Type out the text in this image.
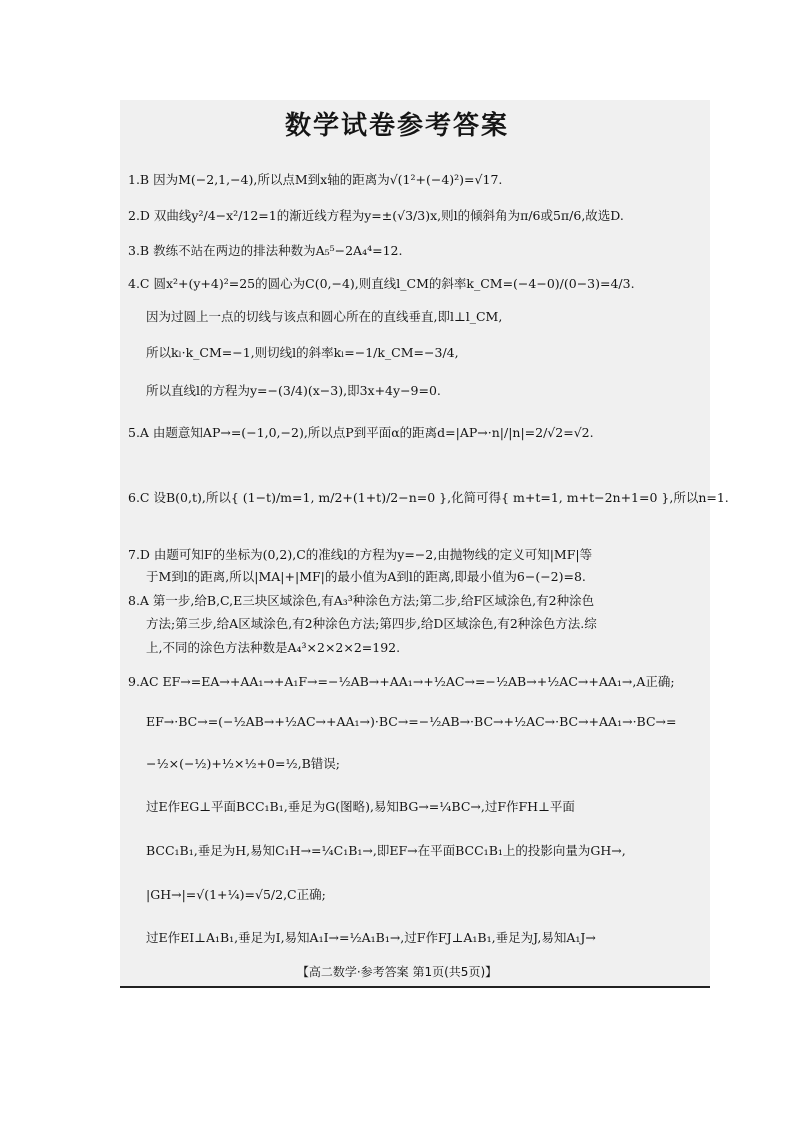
数学试卷参考答案
1.B 因为M(−2,1,−4),所以点M到x轴的距离为√(1²+(−4)²)=√17.
2.D 双曲线y²/4−x²/12=1的渐近线方程为y=±(√3/3)x,则l的倾斜角为π/6或5π/6,故选D.
3.B 教练不站在两边的排法种数为A₅⁵−2A₄⁴=12.
4.C 圆x²+(y+4)²=25的圆心为C(0,−4),则直线l_CM的斜率k_CM=(−4−0)/(0−3)=4/3.
因为过圆上一点的切线与该点和圆心所在的直线垂直,即l⊥l_CM,
所以kₗ·k_CM=−1,则切线l的斜率kₗ=−1/k_CM=−3/4,
所以直线l的方程为y=−(3/4)(x−3),即3x+4y−9=0.
5.A 由题意知AP→=(−1,0,−2),所以点P到平面α的距离d=|AP→·n|/|n|=2/√2=√2.
6.C 设B(0,t),所以{ (1−t)/m=1, m/2+(1+t)/2−n=0 },化简可得{ m+t=1, m+t−2n+1=0 },所以n=1.
7.D 由题可知F的坐标为(0,2),C的准线l的方程为y=−2,由抛物线的定义可知|MF|等
于M到l的距离,所以|MA|+|MF|的最小值为A到l的距离,即最小值为6−(−2)=8.
8.A 第一步,给B,C,E三块区域涂色,有A₃³种涂色方法;第二步,给F区域涂色,有2种涂色
方法;第三步,给A区域涂色,有2种涂色方法;第四步,给D区域涂色,有2种涂色方法.综
上,不同的涂色方法种数是A₄³×2×2×2=192.
9.AC EF→=EA→+AA₁→+A₁F→=−½AB→+AA₁→+½AC→=−½AB→+½AC→+AA₁→,A正确;
EF→·BC→=(−½AB→+½AC→+AA₁→)·BC→=−½AB→·BC→+½AC→·BC→+AA₁→·BC→=
−½×(−½)+½×½+0=½,B错误;
过E作EG⊥平面BCC₁B₁,垂足为G(图略),易知BG→=¼BC→,过F作FH⊥平面
BCC₁B₁,垂足为H,易知C₁H→=¼C₁B₁→,即EF→在平面BCC₁B₁上的投影向量为GH→,
|GH→|=√(1+¼)=√5/2,C正确;
过E作EI⊥A₁B₁,垂足为I,易知A₁I→=½A₁B₁→,过F作FJ⊥A₁B₁,垂足为J,易知A₁J→
【高二数学·参考答案 第1页(共5页)】
